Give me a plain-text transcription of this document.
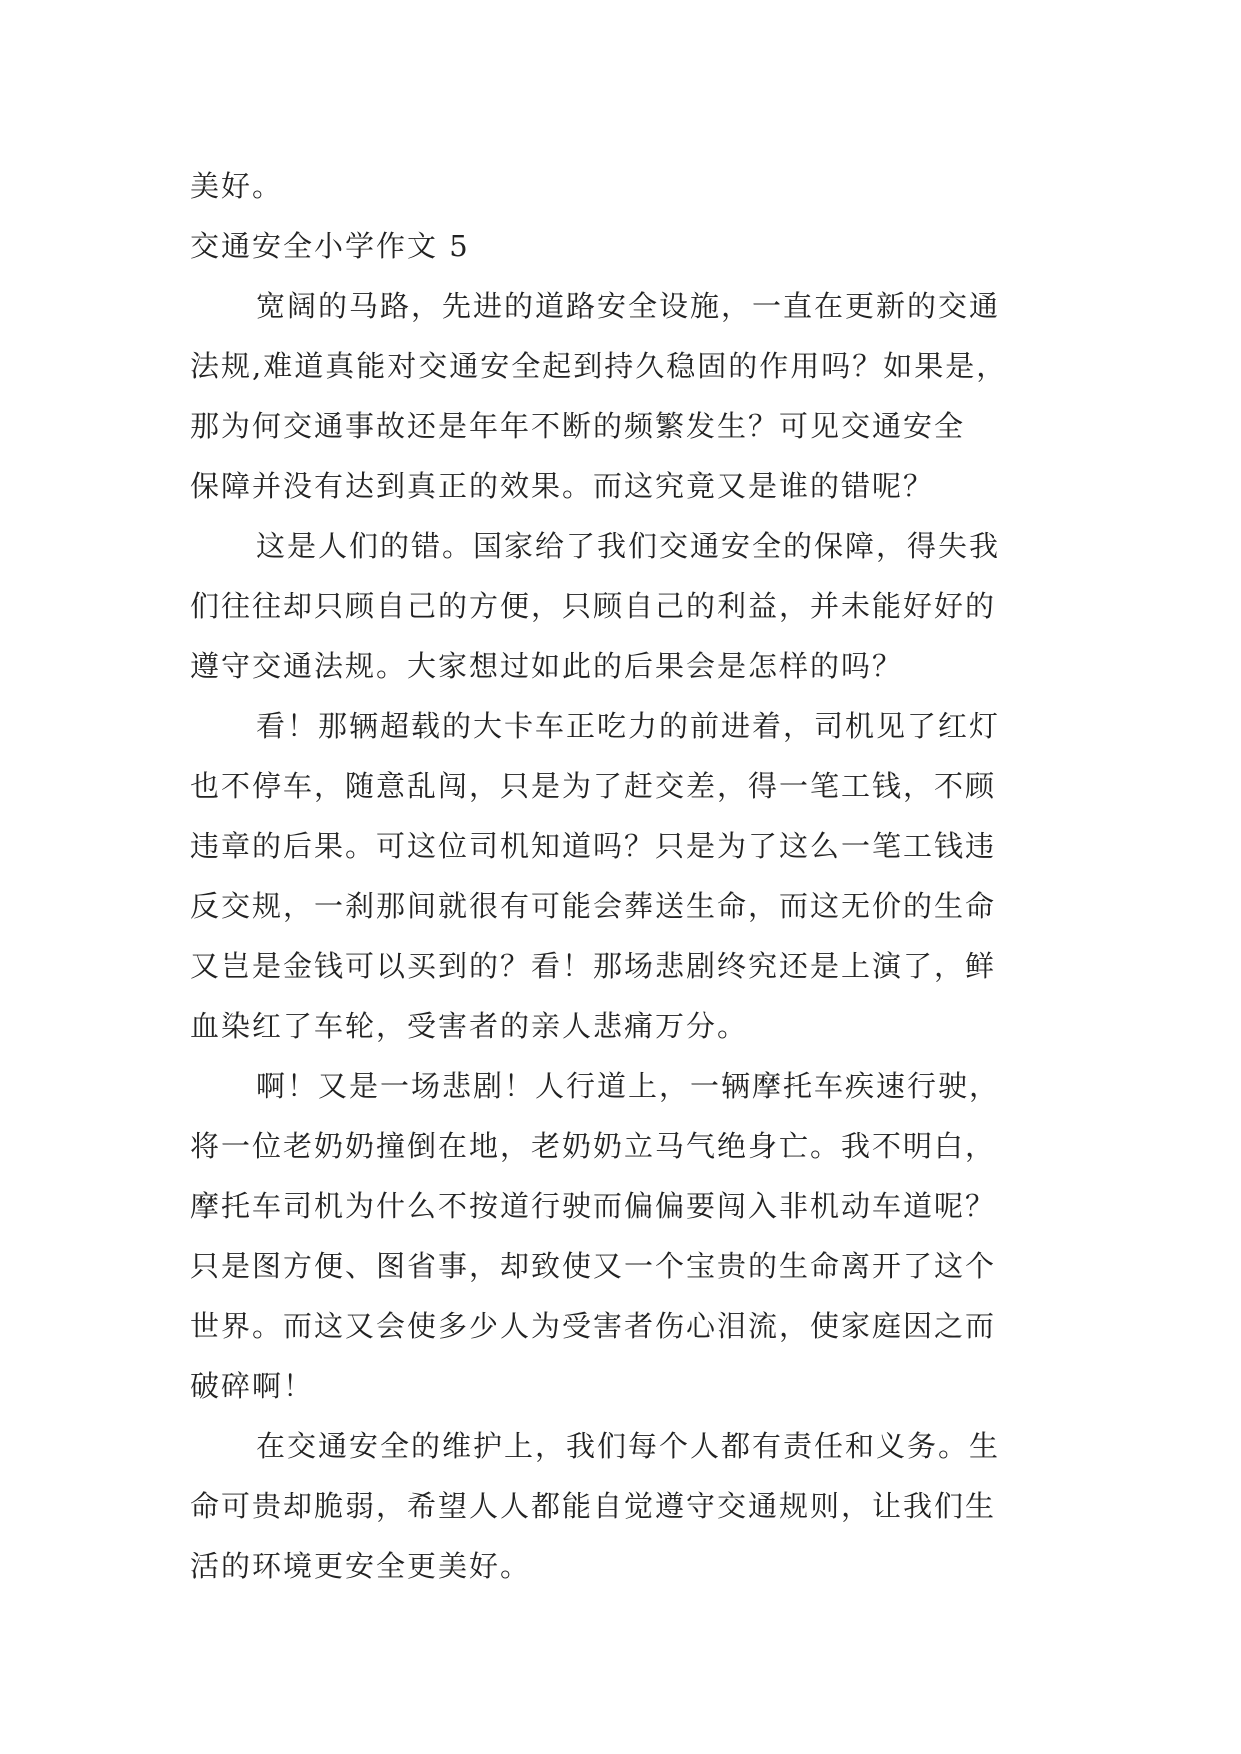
美好。
交通安全小学作文 5
宽阔的马路，先进的道路安全设施，一直在更新的交通
法规,难道真能对交通安全起到持久稳固的作用吗？如果是，
那为何交通事故还是年年不断的频繁发生？可见交通安全
保障并没有达到真正的效果。而这究竟又是谁的错呢？
这是人们的错。国家给了我们交通安全的保障，得失我
们往往却只顾自己的方便，只顾自己的利益，并未能好好的
遵守交通法规。大家想过如此的后果会是怎样的吗？
看！那辆超载的大卡车正吃力的前进着，司机见了红灯
也不停车，随意乱闯，只是为了赶交差，得一笔工钱，不顾
违章的后果。可这位司机知道吗？只是为了这么一笔工钱违
反交规，一刹那间就很有可能会葬送生命，而这无价的生命
又岂是金钱可以买到的？看！那场悲剧终究还是上演了，鲜
血染红了车轮，受害者的亲人悲痛万分。
啊！又是一场悲剧！人行道上，一辆摩托车疾速行驶，
将一位老奶奶撞倒在地，老奶奶立马气绝身亡。我不明白，
摩托车司机为什么不按道行驶而偏偏要闯入非机动车道呢？
只是图方便、图省事，却致使又一个宝贵的生命离开了这个
世界。而这又会使多少人为受害者伤心泪流，使家庭因之而
破碎啊！
在交通安全的维护上，我们每个人都有责任和义务。生
命可贵却脆弱，希望人人都能自觉遵守交通规则，让我们生
活的环境更安全更美好。
